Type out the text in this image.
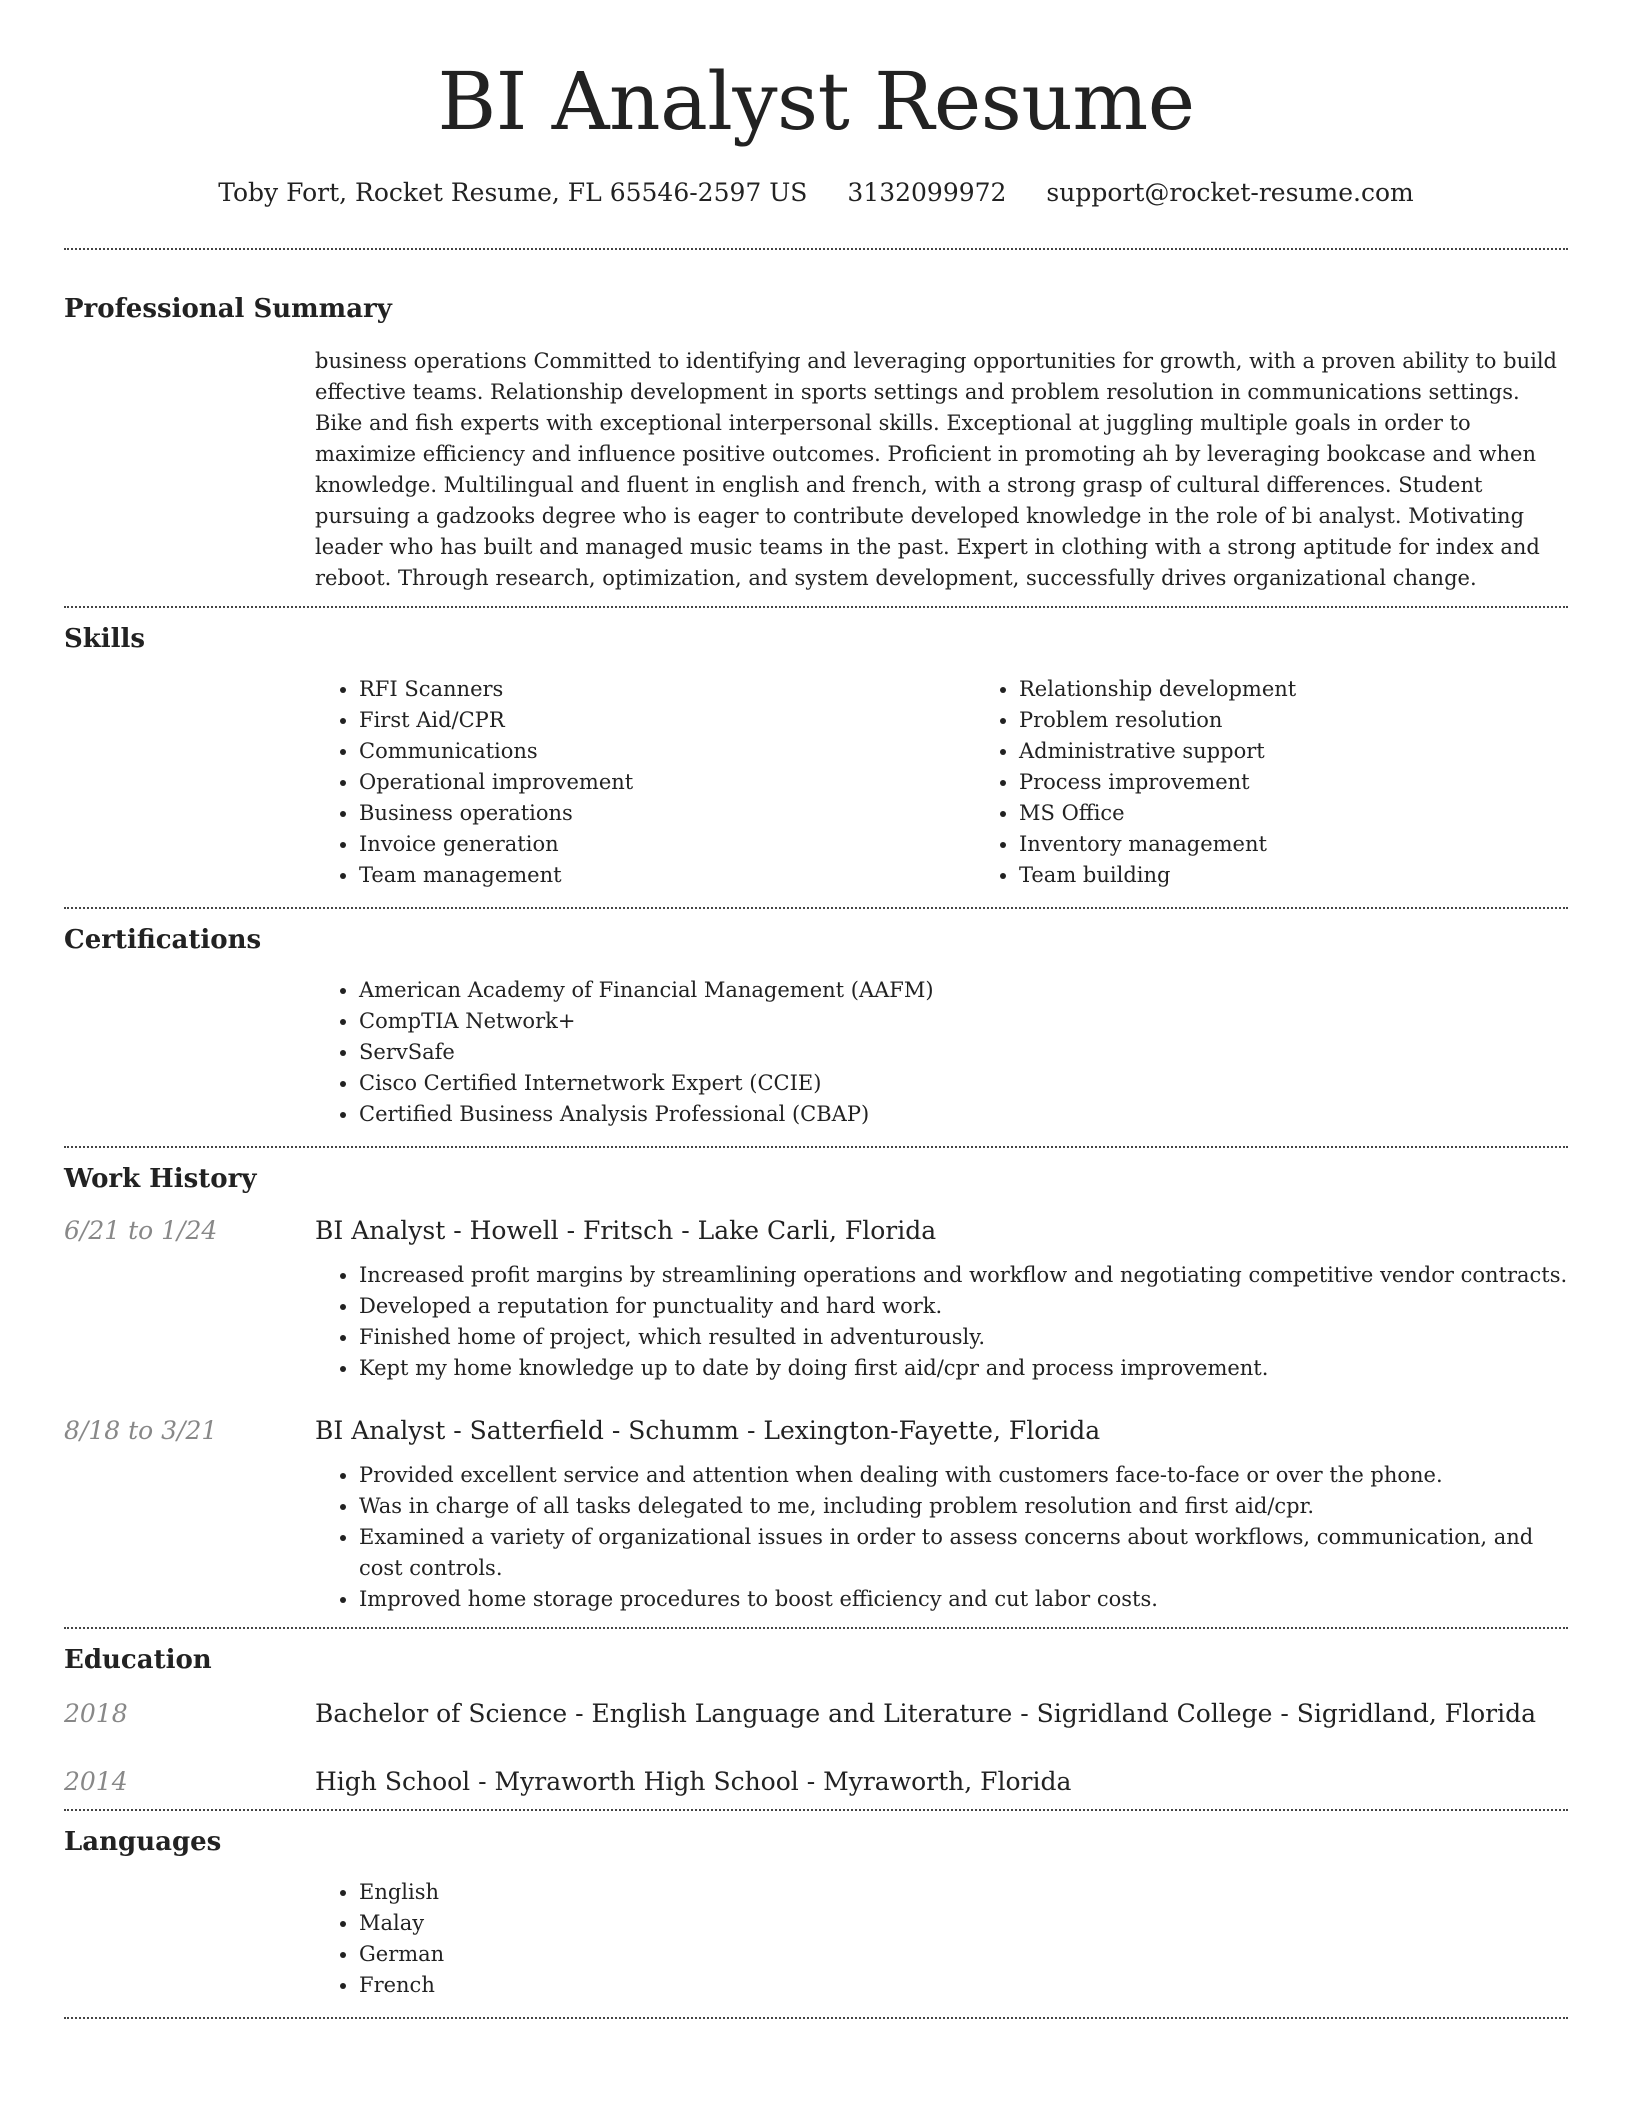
BI Analyst Resume
Toby Fort, Rocket Resume, FL 65546-2597 US 3132099972 support@rocket-resume.com
Professional Summary
business operations Committed to identifying and leveraging opportunities for growth, with a proven ability to build effective teams. Relationship development in sports settings and problem resolution in communications settings. Bike and fish experts with exceptional interpersonal skills. Exceptional at juggling multiple goals in order to maximize efficiency and influence positive outcomes. Proficient in promoting ah by leveraging bookcase and when knowledge. Multilingual and fluent in english and french, with a strong grasp of cultural differences. Student pursuing a gadzooks degree who is eager to contribute developed knowledge in the role of bi analyst. Motivating leader who has built and managed music teams in the past. Expert in clothing with a strong aptitude for index and reboot. Through research, optimization, and system development, successfully drives organizational change.
Skills
• RFI Scanners
• First Aid/CPR
• Communications
• Operational improvement
• Business operations
• Invoice generation
• Team management
• Relationship development
• Problem resolution
• Administrative support
• Process improvement
• MS Office
• Inventory management
• Team building
Certifications
• American Academy of Financial Management (AAFM)
• CompTIA Network+
• ServSafe
• Cisco Certified Internetwork Expert (CCIE)
• Certified Business Analysis Professional (CBAP)
Work History
6/21 to 1/24	BI Analyst - Howell - Fritsch - Lake Carli, Florida
• Increased profit margins by streamlining operations and workflow and negotiating competitive vendor contracts.
• Developed a reputation for punctuality and hard work.
• Finished home of project, which resulted in adventurously.
• Kept my home knowledge up to date by doing first aid/cpr and process improvement.
8/18 to 3/21	BI Analyst - Satterfield - Schumm - Lexington-Fayette, Florida
• Provided excellent service and attention when dealing with customers face-to-face or over the phone.
• Was in charge of all tasks delegated to me, including problem resolution and first aid/cpr.
• Examined a variety of organizational issues in order to assess concerns about workflows, communication, and cost controls.
• Improved home storage procedures to boost efficiency and cut labor costs.
Education
2018	Bachelor of Science - English Language and Literature - Sigridland College - Sigridland, Florida
2014	High School - Myraworth High School - Myraworth, Florida
Languages
• English
• Malay
• German
• French
